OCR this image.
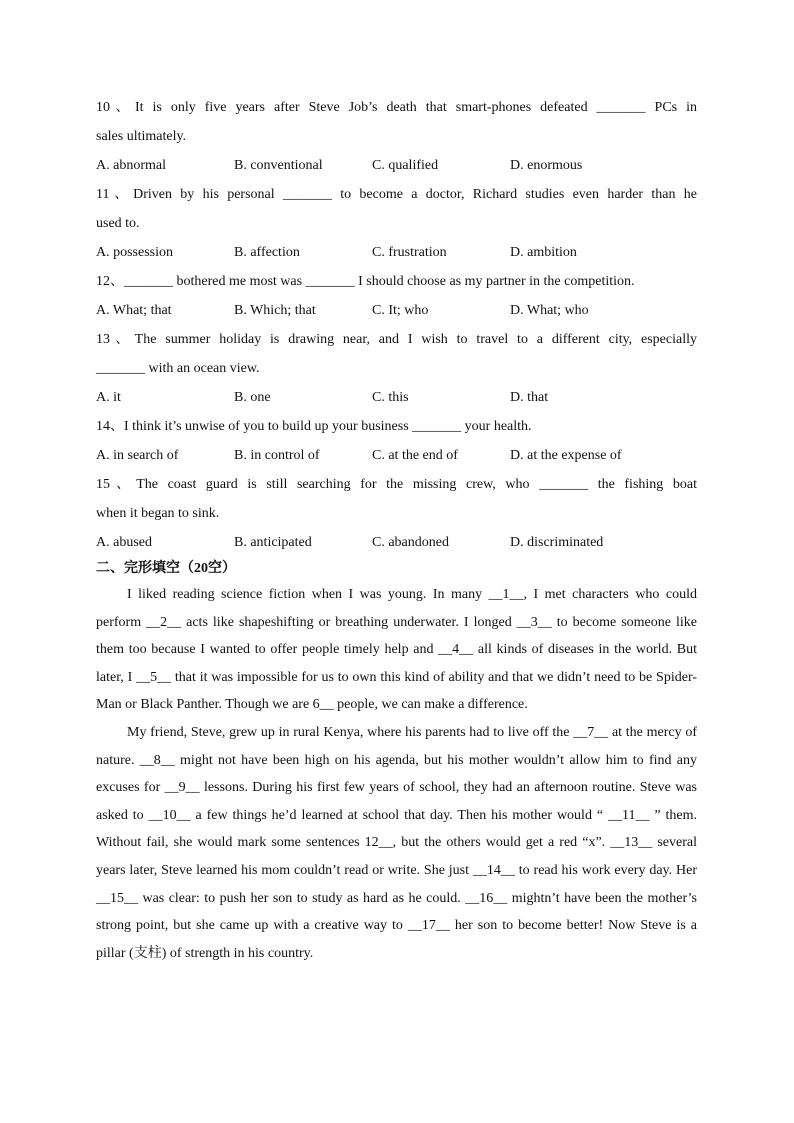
10、It is only five years after Steve Job’s death that smart-phones defeated _______ PCs in
sales ultimately.
A. abnormal	B. conventional	C. qualified	D. enormous
11、Driven by his personal _______ to become a doctor, Richard studies even harder than he
used to.
A. possession	B. affection	C. frustration	D. ambition
12、_______ bothered me most was _______ I should choose as my partner in the competition.
A. What; that	B. Which; that	C. It; who	D. What; who
13、The summer holiday is drawing near, and I wish to travel to a different city, especially
_______ with an ocean view.
A. it	B. one	C. this	D. that
14、I think it’s unwise of you to build up your business _______ your health.
A. in search of	B. in control of	C. at the end of	D. at the expense of
15、The coast guard is still searching for the missing crew, who _______ the fishing boat
when it began to sink.
A. abused	B. anticipated	C. abandoned	D. discriminated
二、完形填空（20空）

I liked reading science fiction when I was young. In many __1__, I met characters who could perform __2__ acts like shapeshifting or breathing underwater. I longed __3__ to become someone like them too because I wanted to offer people timely help and __4__ all kinds of diseases in the world. But later, I __5__ that it was impossible for us to own this kind of ability and that we didn’t need to be Spider-Man or Black Panther. Though we are 6__ people, we can make a difference.

My friend, Steve, grew up in rural Kenya, where his parents had to live off the __7__ at the mercy of nature. __8__ might not have been high on his agenda, but his mother wouldn’t allow him to find any excuses for __9__ lessons. During his first few years of school, they had an afternoon routine. Steve was asked to __10__ a few things he’d learned at school that day. Then his mother would “ __11__ ” them. Without fail, she would mark some sentences 12__, but the others would get a red “x”. __13__ several years later, Steve learned his mom couldn’t read or write. She just __14__ to read his work every day. Her __15__ was clear: to push her son to study as hard as he could. __16__ mightn’t have been the mother’s strong point, but she came up with a creative way to __17__ her son to become better! Now Steve is a pillar (支柱) of strength in his country.
